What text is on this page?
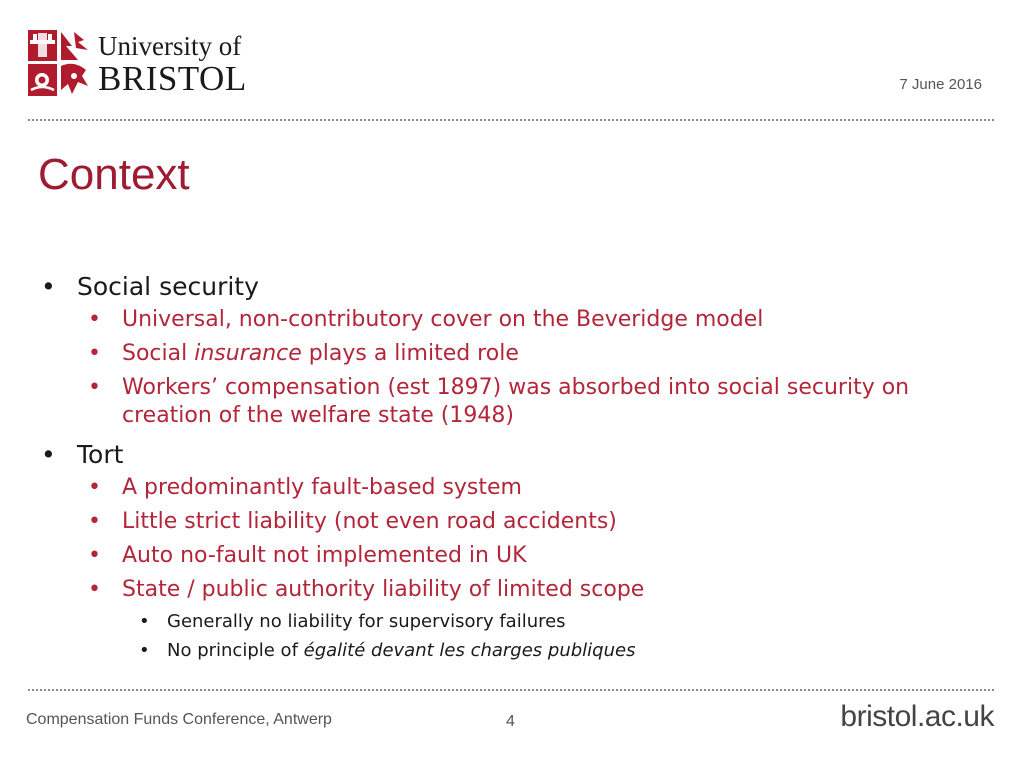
University of
BRISTOL	7 June 2016
Context
• Social security
• Universal, non-contributory cover on the Beveridge model
• Social insurance plays a limited role
• Workers’ compensation (est 1897) was absorbed into social security on creation of the welfare state (1948)
• Tort
• A predominantly fault-based system
• Little strict liability (not even road accidents)
• Auto no-fault not implemented in UK
• State / public authority liability of limited scope
• Generally no liability for supervisory failures
• No principle of égalité devant les charges publiques
Compensation Funds Conference, Antwerp	4	bristol.ac.uk
